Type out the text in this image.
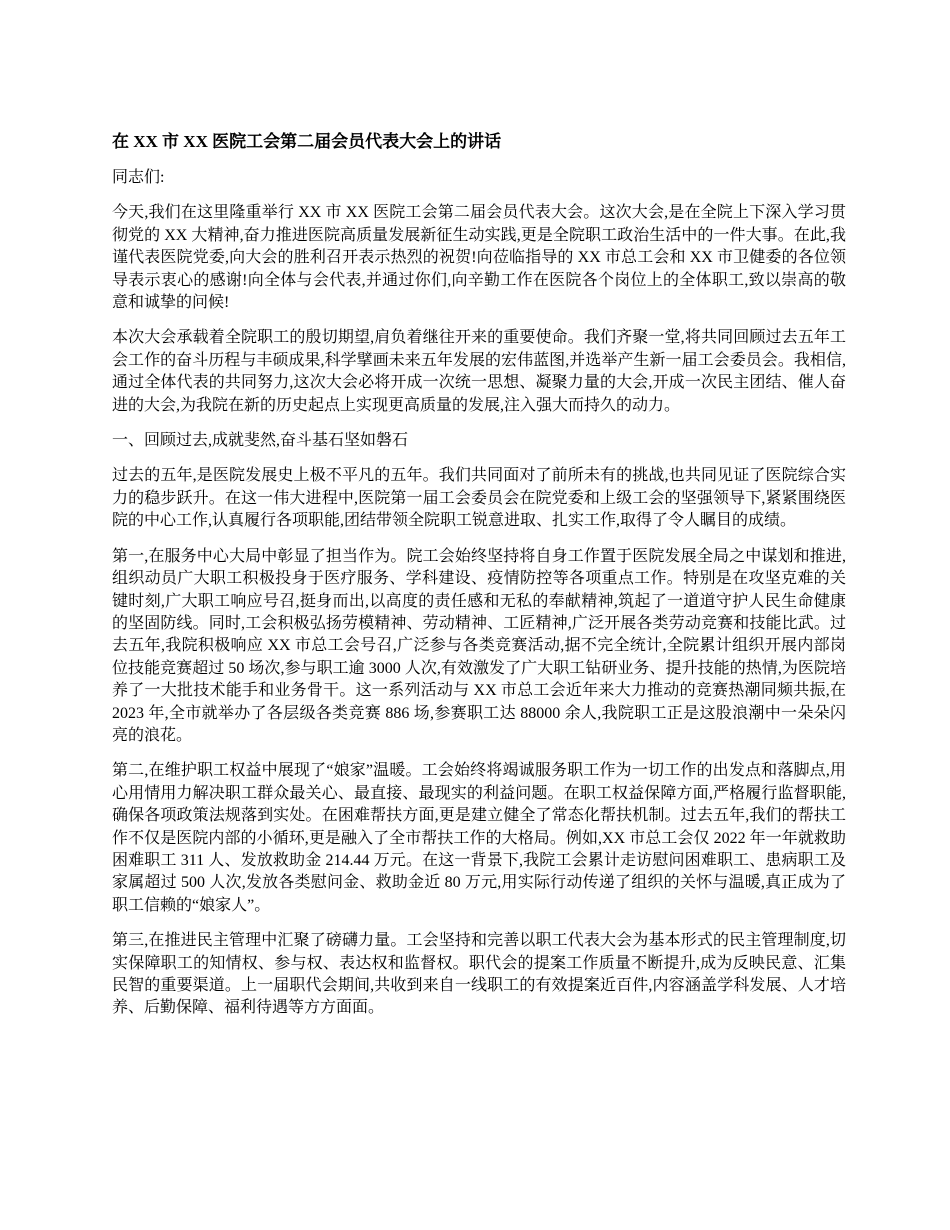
在 XX 市 XX 医院工会第二届会员代表大会上的讲话

同志们:

今天,我们在这里隆重举行 XX 市 XX 医院工会第二届会员代表大会。这次大会,是在全院上下深入学习贯彻党的 XX 大精神,奋力推进医院高质量发展新征生动实践,更是全院职工政治生活中的一件大事。在此,我谨代表医院党委,向大会的胜利召开表示热烈的祝贺!向莅临指导的 XX 市总工会和 XX 市卫健委的各位领导表示衷心的感谢!向全体与会代表,并通过你们,向辛勤工作在医院各个岗位上的全体职工,致以崇高的敬意和诚挚的问候!

本次大会承载着全院职工的殷切期望,肩负着继往开来的重要使命。我们齐聚一堂,将共同回顾过去五年工会工作的奋斗历程与丰硕成果,科学擘画未来五年发展的宏伟蓝图,并选举产生新一届工会委员会。我相信,通过全体代表的共同努力,这次大会必将开成一次统一思想、凝聚力量的大会,开成一次民主团结、催人奋进的大会,为我院在新的历史起点上实现更高质量的发展,注入强大而持久的动力。

一、回顾过去,成就斐然,奋斗基石坚如磐石

过去的五年,是医院发展史上极不平凡的五年。我们共同面对了前所未有的挑战,也共同见证了医院综合实力的稳步跃升。在这一伟大进程中,医院第一届工会委员会在院党委和上级工会的坚强领导下,紧紧围绕医院的中心工作,认真履行各项职能,团结带领全院职工锐意进取、扎实工作,取得了令人瞩目的成绩。

第一,在服务中心大局中彰显了担当作为。院工会始终坚持将自身工作置于医院发展全局之中谋划和推进,组织动员广大职工积极投身于医疗服务、学科建设、疫情防控等各项重点工作。特别是在攻坚克难的关键时刻,广大职工响应号召,挺身而出,以高度的责任感和无私的奉献精神,筑起了一道道守护人民生命健康的坚固防线。同时,工会积极弘扬劳模精神、劳动精神、工匠精神,广泛开展各类劳动竞赛和技能比武。过去五年,我院积极响应 XX 市总工会号召,广泛参与各类竞赛活动,据不完全统计,全院累计组织开展内部岗位技能竞赛超过 50 场次,参与职工逾 3000 人次,有效激发了广大职工钻研业务、提升技能的热情,为医院培养了一大批技术能手和业务骨干。这一系列活动与 XX 市总工会近年来大力推动的竞赛热潮同频共振,在 2023 年,全市就举办了各层级各类竞赛 886 场,参赛职工达 88000 余人,我院职工正是这股浪潮中一朵朵闪亮的浪花。

第二,在维护职工权益中展现了“娘家”温暖。工会始终将竭诚服务职工作为一切工作的出发点和落脚点,用心用情用力解决职工群众最关心、最直接、最现实的利益问题。在职工权益保障方面,严格履行监督职能,确保各项政策法规落到实处。在困难帮扶方面,更是建立健全了常态化帮扶机制。过去五年,我们的帮扶工作不仅是医院内部的小循环,更是融入了全市帮扶工作的大格局。例如,XX 市总工会仅 2022 年一年就救助困难职工 311 人、发放救助金 214.44 万元。在这一背景下,我院工会累计走访慰问困难职工、患病职工及家属超过 500 人次,发放各类慰问金、救助金近 80 万元,用实际行动传递了组织的关怀与温暖,真正成为了职工信赖的“娘家人”。

第三,在推进民主管理中汇聚了磅礴力量。工会坚持和完善以职工代表大会为基本形式的民主管理制度,切实保障职工的知情权、参与权、表达权和监督权。职代会的提案工作质量不断提升,成为反映民意、汇集民智的重要渠道。上一届职代会期间,共收到来自一线职工的有效提案近百件,内容涵盖学科发展、人才培养、后勤保障、福利待遇等方方面面。
